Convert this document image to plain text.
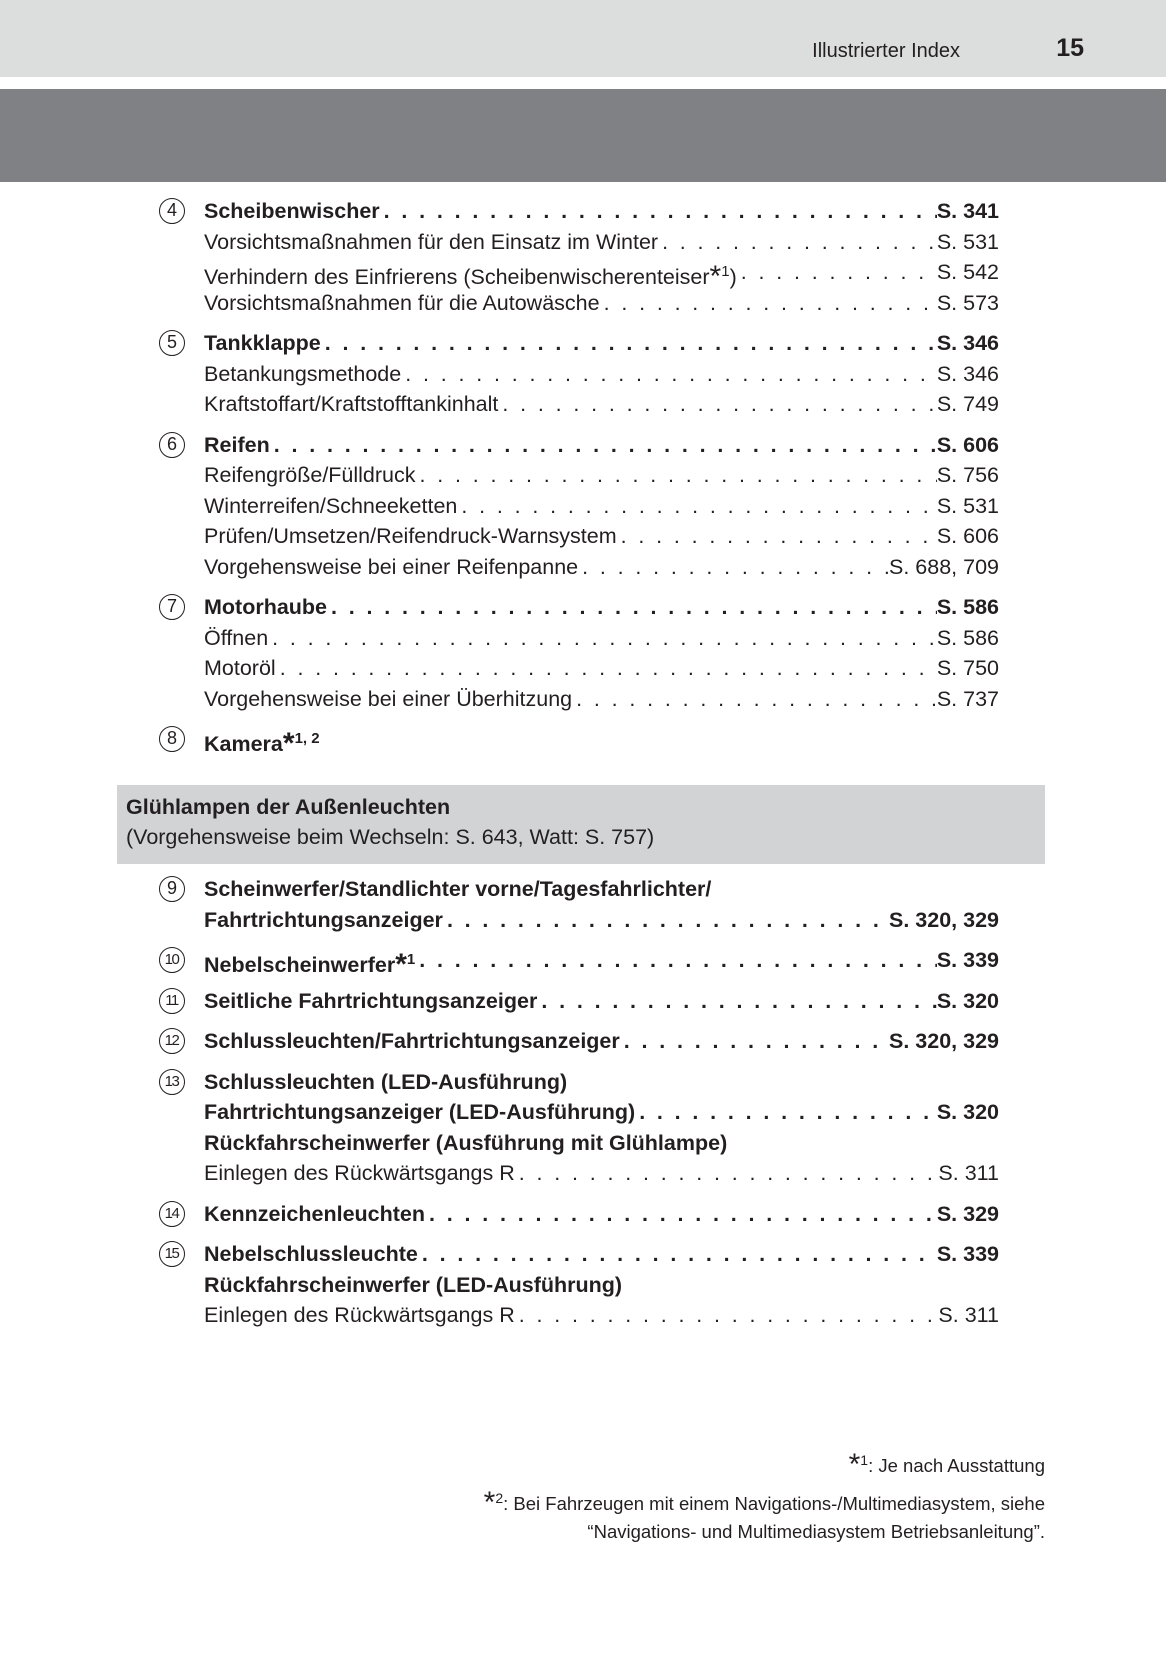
Illustrierter Index	15
4	Scheibenwischer . . .	S. 341
Vorsichtsmaßnahmen für den Einsatz im Winter . . .	S. 531
Verhindern des Einfrierens (Scheibenwischerenteiser*$^1$) . . .	S. 542
Vorsichtsmaßnahmen für die Autowäsche . . .	S. 573
5	Tankklappe . . .	S. 346
Betankungsmethode . . .	S. 346
Kraftstoffart/Kraftstofftankinhalt . . .	S. 749
6	Reifen . . .	S. 606
Reifengröße/Fülldruck . . .	S. 756
Winterreifen/Schneeketten . . .	S. 531
Prüfen/Umsetzen/Reifendruck-Warnsystem . . .	S. 606
Vorgehensweise bei einer Reifenpanne . . .	S. 688, 709
7	Motorhaube . . .	S. 586
Öffnen . . .	S. 586
Motoröl . . .	S. 750
Vorgehensweise bei einer Überhitzung . . .	S. 737
8	Kamera*$^{1, 2}$
Glühlampen der Außenleuchten
(Vorgehensweise beim Wechseln: S. 643, Watt: S. 757)
9	Scheinwerfer/Standlichter vorne/Tagesfahrlichter/
Fahrtrichtungsanzeiger . . .	S. 320, 329
10	Nebelscheinwerfer*$^1$ . . .	S. 339
11	Seitliche Fahrtrichtungsanzeiger . . .	S. 320
12	Schlussleuchten/Fahrtrichtungsanzeiger . . .	S. 320, 329
13	Schlussleuchten (LED-Ausführung)
Fahrtrichtungsanzeiger (LED-Ausführung) . . .	S. 320
Rückfahrscheinwerfer (Ausführung mit Glühlampe)
Einlegen des Rückwärtsgangs R . . .	S. 311
14	Kennzeichenleuchten . . .	S. 329
15	Nebelschlussleuchte . . .	S. 339
Rückfahrscheinwerfer (LED-Ausführung)
Einlegen des Rückwärtsgangs R . . .	S. 311
*$^1$: Je nach Ausstattung
*$^2$: Bei Fahrzeugen mit einem Navigations-/Multimediasystem, siehe
“Navigations- und Multimediasystem Betriebsanleitung”.
